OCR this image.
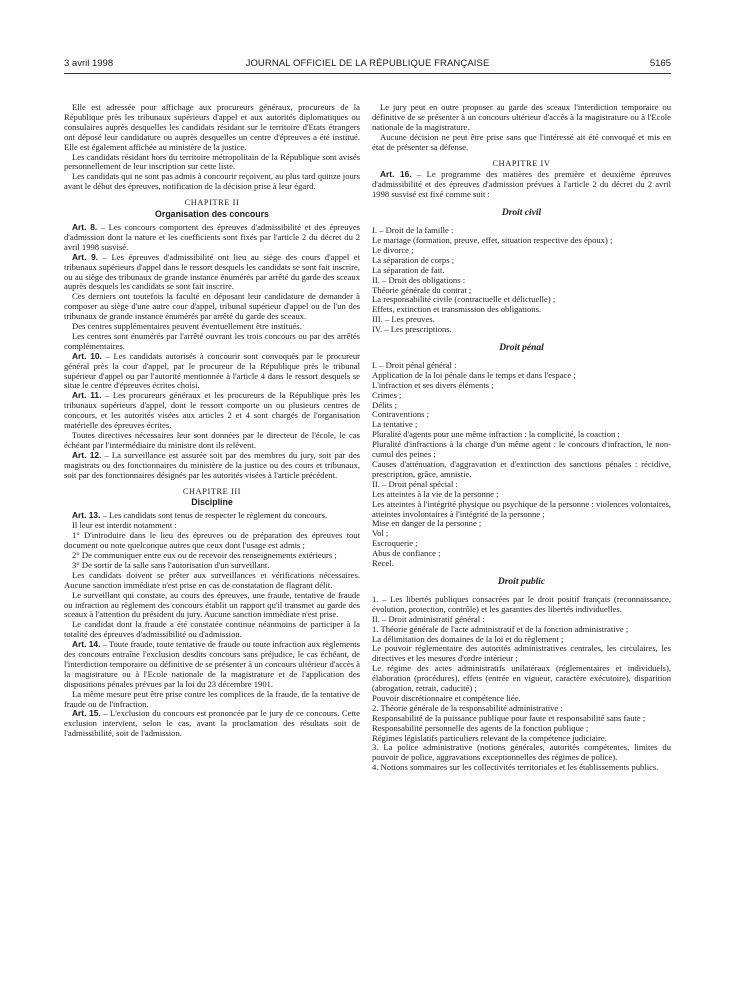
3 avril 1998	JOURNAL OFFICIEL DE LA RÉPUBLIQUE FRANÇAISE	5165

Elle est adressée pour affichage aux procureurs généraux, procureurs de la République près les tribunaux supérieurs d'appel et aux autorités diplomatiques ou consulaires auprès desquelles les candidats résidant sur le territoire d'Etats étrangers ont déposé leur candidature ou auprès desquelles un centre d'épreuves a été institué. Elle est également affichée au ministère de la justice.

Les candidats résidant hors du territoire métropolitain de la République sont avisés personnellement de leur inscription sur cette liste.

Les candidats qui ne sont pas admis à concourir reçoivent, au plus tard quinze jours avant le début des épreuves, notification de la décision prise à leur égard.

CHAPITRE II
Organisation des concours

Art. 8. – Les concours comportent des épreuves d'admissibilité et des épreuves d'admission dont la nature et les coefficients sont fixés par l'article 2 du décret du 2 avril 1998 susvisé.

Art. 9. – Les épreuves d'admissibilité ont lieu au siège des cours d'appel et tribunaux supérieurs d'appel dans le ressort desquels les candidats se sont fait inscrire, ou au siège des tribunaux de grande instance énumérés par arrêté du garde des sceaux auprès desquels les candidats se sont fait inscrire.

Ces derniers ont toutefois la faculté en déposant leur candidature de demander à composer au siège d'une autre cour d'appel, tribunal supérieur d'appel ou de l'un des tribunaux de grande instance énumérés par arrêté du garde des sceaux.

Des centres supplémentaires peuvent éventuellement être institués.

Les centres sont énumérés par l'arrêté ouvrant les trois concours ou par des arrêtés complémentaires.

Art. 10. – Les candidats autorisés à concourir sont convoqués par le procureur général près la cour d'appel, par le procureur de la République près le tribunal supérieur d'appel ou par l'autorité mentionnée à l'article 4 dans le ressort desquels se situe le centre d'épreuves écrites choisi.

Art. 11. – Les procureurs généraux et les procureurs de la République près les tribunaux supérieurs d'appel, dont le ressort comporte un ou plusieurs centres de concours, et les autorités visées aux articles 2 et 4 sont chargés de l'organisation matérielle des épreuves écrites.

Toutes directives nécessaires leur sont données par le directeur de l'école, le cas échéant par l'intermédiaire du ministre dont ils relèvent.

Art. 12. – La surveillance est assurée soit par des membres du jury, soit par des magistrats ou des fonctionnaires du ministère de la justice ou des cours et tribunaux, soit par des fonctionnaires désignés par les autorités visées à l'article précédent.

CHAPITRE III
Discipline

Art. 13. – Les candidats sont tenus de respecter le règlement du concours.

Il leur est interdit notamment :

1° D'introduire dans le lieu des épreuves ou de préparation des épreuves tout document ou note quelconque autres que ceux dont l'usage est admis ;

2° De communiquer entre eux ou de recevoir des renseignements extérieurs ;

3° De sortir de la salle sans l'autorisation d'un surveillant.

Les candidats doivent se prêter aux surveillances et vérifications nécessaires. Aucune sanction immédiate n'est prise en cas de constatation de flagrant délit.

Le surveillant qui constate, au cours des épreuves, une fraude, tentative de fraude ou infraction au règlement des concours établit un rapport qu'il transmet au garde des sceaux à l'attention du président du jury. Aucune sanction immédiate n'est prise.

Le candidat dont la fraude a été constatée continue néanmoins de participer à la totalité des épreuves d'admissibilité ou d'admission.

Art. 14. – Toute fraude, toute tentative de fraude ou toute infraction aux règlements des concours entraîne l'exclusion desdits concours sans préjudice, le cas échéant, de l'interdiction temporaire ou définitive de se présenter à un concours ultérieur d'accès à la magistrature ou à l'Ecole nationale de la magistrature et de l'application des dispositions pénales prévues par la loi du 23 décembre 1901.

La même mesure peut être prise contre les complices de la fraude, de la tentative de fraude ou de l'infraction.

Art. 15. – L'exclusion du concours est prononcée par le jury de ce concours. Cette exclusion intervient, selon le cas, avant la proclamation des résultats soit de l'admissibilité, soit de l'admission.

Le jury peut en outre proposer au garde des sceaux l'interdiction temporaire ou définitive de se présenter à un concours ultérieur d'accès à la magistrature ou à l'Ecole nationale de la magistrature.

Aucune décision ne peut être prise sans que l'intéressé ait été convoqué et mis en état de présenter sa défense.

CHAPITRE IV

Art. 16. – Le programme des matières des première et deuxième épreuves d'admissibilité et des épreuves d'admission prévues à l'article 2 du décret du 2 avril 1998 susvisé est fixé comme suit :

Droit civil

I. – Droit de la famille :

Le mariage (formation, preuve, effet, situation respective des époux) ;

Le divorce ;

La séparation de corps ;

La séparation de fait.

II. – Droit des obligations :

Théorie générale du contrat ;

La responsabilité civile (contractuelle et délictuelle) ;

Effets, extinction et transmission des obligations.

III. – Les preuves.

IV. – Les prescriptions.

Droit pénal

I. – Droit pénal général :

Application de la loi pénale dans le temps et dans l'espace ;

L'infraction et ses divers éléments ;

Crimes ;

Délits ;

Contraventions ;

La tentative ;

Pluralité d'agents pour une même infraction : la complicité, la coaction ;

Pluralité d'infractions à la charge d'un même agent : le concours d'infraction, le non-cumul des peines ;

Causes d'atténuation, d'aggravation et d'extinction des sanctions pénales : récidive, prescription, grâce, amnistie.

II. – Droit pénal spécial :

Les atteintes à la vie de la personne ;

Les atteintes à l'intégrité physique ou psychique de la personne : violences volontaires, atteintes involontaires à l'intégrité de la personne ;

Mise en danger de la personne ;

Vol ;

Escroquerie ;

Abus de confiance ;

Recel.

Droit public

1. – Les libertés publiques consacrées par le droit positif français (reconnaissance, évolution, protection, contrôle) et les garanties des libertés individuelles.

II. – Droit administratif général :

1. Théorie générale de l'acte administratif et de la fonction administrative ;

La délimitation des domaines de la loi et du règlement ;

Le pouvoir réglementaire des autorités administratives centrales, les circulaires, les directives et les mesures d'ordre intérieur ;

Le régime des actes administratifs unilatéraux (réglementaires et individuels), élaboration (procédures), effets (entrée en vigueur, caractère exécutoire), disparition (abrogation, retrait, caducité) ;

Pouvoir discrétionnaire et compétence liée.

2. Théorie générale de la responsabilité administrative :

Responsabilité de la puissance publique pour faute et responsabilité sans faute ;

Responsabilité personnelle des agents de la fonction publique ;

Régimes législatifs particuliers relevant de la compétence judiciaire.

3. La police administrative (notions générales, autorités compétentes, limites du pouvoir de police, aggravations exceptionnelles des régimes de police).

4. Notions sommaires sur les collectivités territoriales et les établissements publics.
